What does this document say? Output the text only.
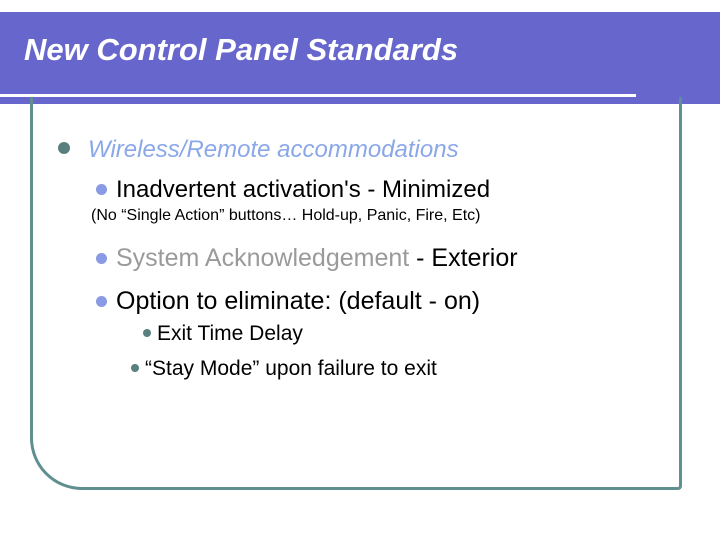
New Control Panel Standards
Wireless/Remote accommodations
Inadvertent activation's - Minimized
(No “Single Action” buttons… Hold-up, Panic, Fire, Etc)
System Acknowledgement - Exterior
Option to eliminate: (default - on)
Exit Time Delay
“Stay Mode” upon failure to exit
